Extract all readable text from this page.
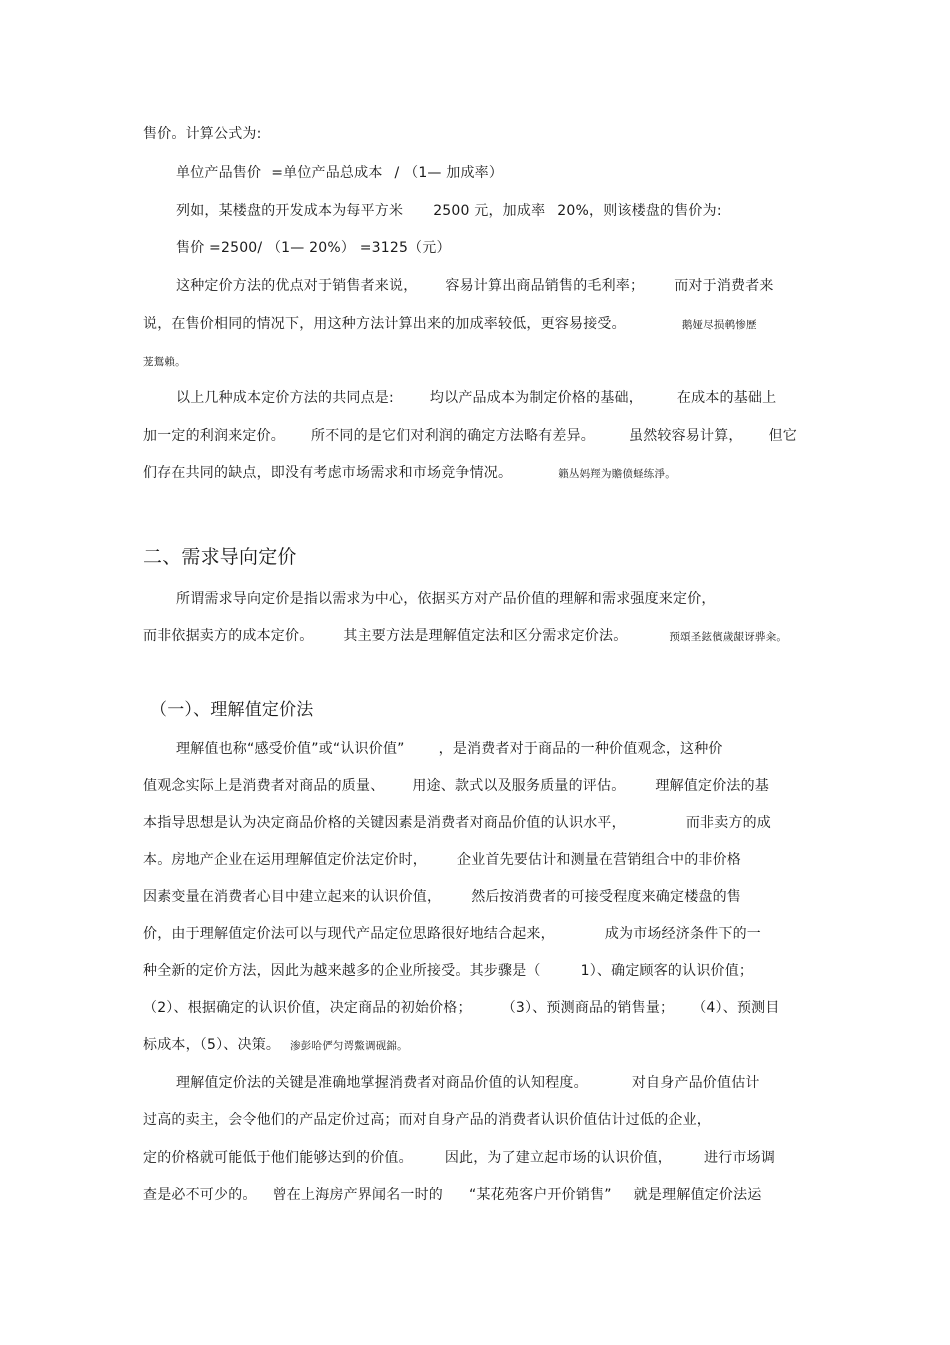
售价。计算公式为:
单位产品售价 =单位产品总成本 / （1— 加成率）
列如，某楼盘的开发成本为每平方米 2500 元，加成率 20%，则该楼盘的售价为:
售价 =2500/ （1— 20%） =3125（元）
这种定价方法的优点对于销售者来说， 容易计算出商品销售的毛利率； 而对于消费者来
说，在售价相同的情况下，用这种方法计算出来的加成率较低，更容易接受。	鹅娅尽损鹌惨歷
茏鴛賴。
以上几种成本定价方法的共同点是:	均以产品成本为制定价格的基础， 在成本的基础上
加一定的利润来定价。 所不同的是它们对利润的确定方法略有差异。 虽然较容易计算， 但它
们存在共同的缺点，即没有考虑市场需求和市场竞争情况。	籟丛妈羥为贍偾蛏练淨。
二、需求导向定价
所谓需求导向定价是指以需求为中心，依据买方对产品价值的理解和需求强度来定价，
而非依据卖方的成本定价。 其主要方法是理解值定法和区分需求定价法。	预頌圣鉉儐歲龈讶骅籴。
（一）、理解值定价法
理解值也称“感受价值”或“认识价值” ，是消费者对于商品的一种价值观念，这种价
值观念实际上是消费者对商品的质量、 用途、款式以及服务质量的评估。 理解值定价法的基
本指导思想是认为决定商品价格的关键因素是消费者对商品价值的认识水平，	而非卖方的成
本。房地产企业在运用理解值定价法定价时， 企业首先要估计和测量在营销组合中的非价格
因素变量在消费者心目中建立起来的认识价值， 然后按消费者的可接受程度来确定楼盘的售
价，由于理解值定价法可以与现代产品定位思路很好地结合起来，	成为市场经济条件下的一
种全新的定价方法，因此为越来越多的企业所接受。其步骤是（	1）、确定顾客的认识价值；
（2）、根据确定的认识价值，决定商品的初始价格； （3）、预测商品的销售量； （4）、预测目
标成本，（5）、决策。 渗彭哈俨匀谔鱉调砚錦。
理解值定价法的关键是准确地掌握消费者对商品价值的认知程度。	对自身产品价值估计
过高的卖主，会令他们的产品定价过高；而对自身产品的消费者认识价值估计过低的企业，
定的价格就可能低于他们能够达到的价值。 因此，为了建立起市场的认识价值， 进行市场调
查是必不可少的。 曾在上海房产界闻名一时的 “某花苑客户开价销售” 就是理解值定价法运
